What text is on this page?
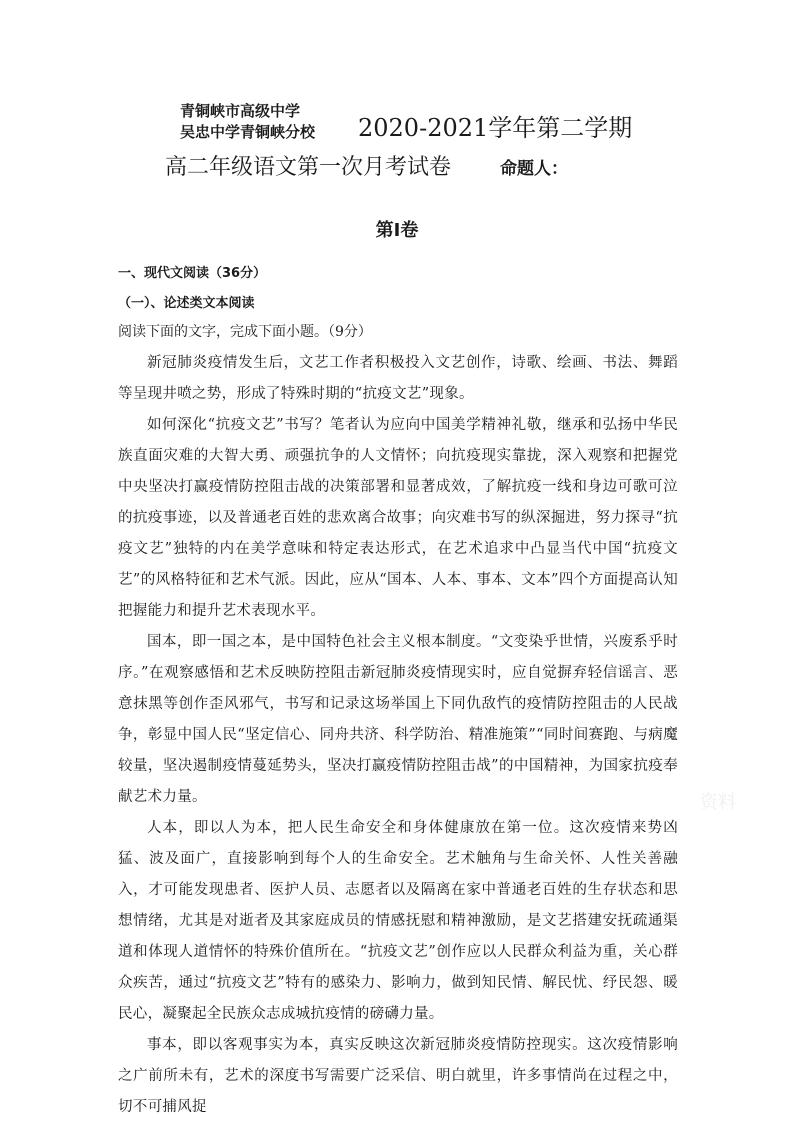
青铜峡市高级中学
吴忠中学青铜峡分校	2020-2021学年第二学期
高二年级语文第一次月考试卷	命题人：
第Ⅰ卷
一、现代文阅读（36分）
（一）、论述类文本阅读
阅读下面的文字，完成下面小题。（9分）

新冠肺炎疫情发生后，文艺工作者积极投入文艺创作，诗歌、绘画、书法、舞蹈等呈现井喷之势，形成了特殊时期的“抗疫文艺”现象。

如何深化“抗疫文艺”书写？笔者认为应向中国美学精神礼敬，继承和弘扬中华民族直面灾难的大智大勇、顽强抗争的人文情怀；向抗疫现实靠拢，深入观察和把握党中央坚决打赢疫情防控阻击战的决策部署和显著成效，了解抗疫一线和身边可歌可泣的抗疫事迹，以及普通老百姓的悲欢离合故事；向灾难书写的纵深掘进，努力探寻“抗疫文艺”独特的内在美学意味和特定表达形式，在艺术追求中凸显当代中国“抗疫文艺”的风格特征和艺术气派。因此，应从“国本、人本、事本、文本”四个方面提高认知把握能力和提升艺术表现水平。

国本，即一国之本，是中国特色社会主义根本制度。“文变染乎世情，兴废系乎时序。”在观察感悟和艺术反映防控阻击新冠肺炎疫情现实时，应自觉摒弃轻信谣言、恶意抹黑等创作歪风邪气，书写和记录这场举国上下同仇敌忾的疫情防控阻击的人民战争，彰显中国人民“坚定信心、同舟共济、科学防治、精准施策”“同时间赛跑、与病魔较量，坚决遏制疫情蔓延势头，坚决打赢疫情防控阻击战”的中国精神，为国家抗疫奉献艺术力量。

人本，即以人为本，把人民生命安全和身体健康放在第一位。这次疫情来势凶猛、波及面广，直接影响到每个人的生命安全。艺术触角与生命关怀、人性关善融入，才可能发现患者、医护人员、志愿者以及隔离在家中普通老百姓的生存状态和思想情绪，尤其是对逝者及其家庭成员的情感抚慰和精神激励，是文艺搭建安抚疏通渠道和体现人道情怀的特殊价值所在。“抗疫文艺”创作应以人民群众利益为重，关心群众疾苦，通过“抗疫文艺”特有的感染力、影响力，做到知民情、解民忧、纾民怨、暖民心，凝聚起全民族众志成城抗疫情的磅礴力量。

事本，即以客观事实为本，真实反映这次新冠肺炎疫情防控现实。这次疫情影响之广前所未有，艺术的深度书写需要广泛采信、明白就里，许多事情尚在过程之中，切不可捕风捉

资料
